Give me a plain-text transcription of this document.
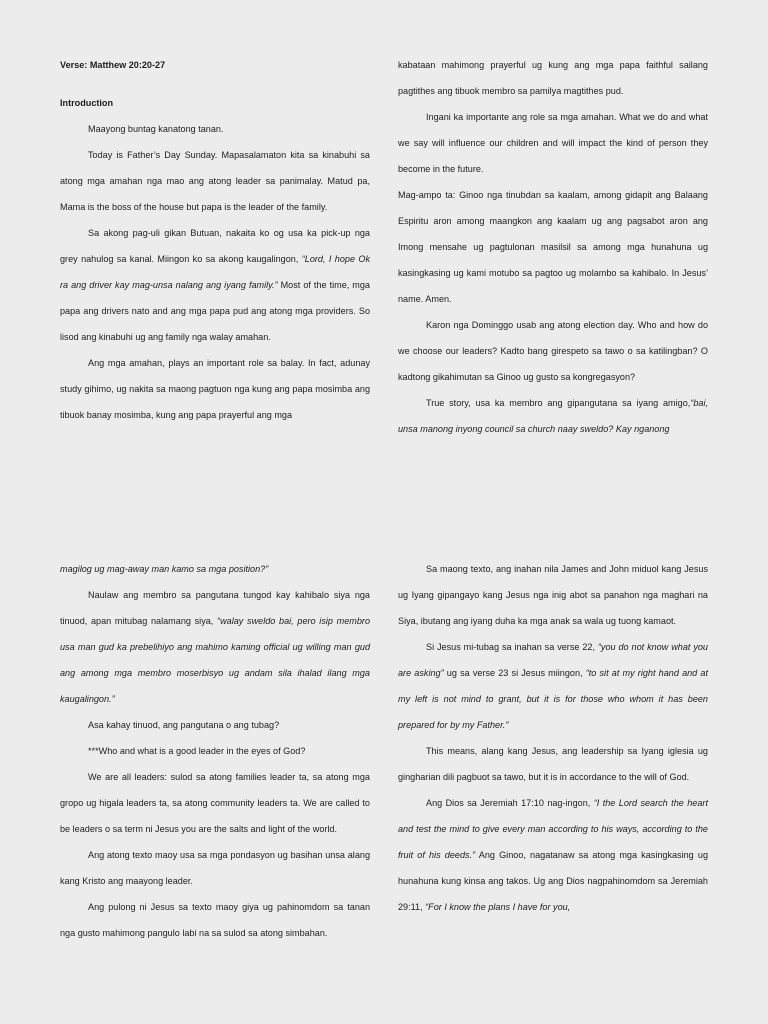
Verse: Matthew 20:20-27

Introduction

Maayong buntag kanatong tanan.

Today is Father’s Day Sunday. Mapasalamaton kita sa kinabuhi sa atong mga amahan nga mao ang atong leader sa panimalay. Matud pa, Mama is the boss of the house but papa is the leader of the family.

Sa akong pag-uli gikan Butuan, nakaita ko og usa ka pick-up nga grey nahulog sa kanal. Miingon ko sa akong kaugalingon, “Lord, I hope Ok ra ang driver kay mag-unsa nalang ang iyang family.” Most of the time, mga papa ang drivers nato and ang mga papa pud ang atong mga providers. So lisod ang kinabuhi ug ang family nga walay amahan.

Ang mga amahan, plays an important role sa balay. In fact, adunay study gihimo, ug nakita sa maong pagtuon nga kung ang papa mosimba ang tibuok banay mosimba, kung ang papa prayerful ang mga

kabataan mahimong prayerful ug kung ang mga papa faithful sailang pagtithes ang tibuok membro sa pamilya magtithes pud.

Ingani ka importante ang role sa mga amahan. What we do and what we say will influence our children and will impact the kind of person they become in the future.

Mag-ampo ta: Ginoo nga tinubdan sa kaalam, among gidapit ang Balaang Espiritu aron among maangkon ang kaalam ug ang pagsabot aron ang Imong mensahe ug pagtulonan masilsil sa among mga hunahuna ug kasingkasing ug kami motubo sa pagtoo ug molambo sa kahibalo. In Jesus’ name. Amen.

Karon nga Dominggo usab ang atong election day. Who and how do we choose our leaders? Kadto bang girespeto sa tawo o sa katilingban? O kadtong gikahimutan sa Ginoo ug gusto sa kongregasyon?

True story, usa ka membro ang gipangutana sa iyang amigo,“bai, unsa manong inyong council sa church naay sweldo? Kay nganong

magilog ug mag-away man kamo sa mga position?”

Naulaw ang membro sa pangutana tungod kay kahibalo siya nga tinuod, apan mitubag nalamang siya, “walay sweldo bai, pero isip membro usa man gud ka prebelihiyo ang mahimo kaming official ug willing man gud ang among mga membro moserbisyo ug andam sila ihalad ilang mga kaugalingon.”

Asa kahay tinuod, ang pangutana o ang tubag?

***Who and what is a good leader in the eyes of God?

We are all leaders: sulod sa atong families leader ta, sa atong mga gropo ug higala leaders ta, sa atong community leaders ta. We are called to be leaders o sa term ni Jesus you are the salts and light of the world.

Ang atong texto maoy usa sa mga pondasyon ug basihan unsa alang kang Kristo ang maayong leader.

Ang pulong ni Jesus sa texto maoy giya ug pahinomdom sa tanan nga gusto mahimong pangulo labi na sa sulod sa atong simbahan.

Sa maong texto, ang inahan nila James and John miduol kang Jesus ug Iyang gipangayo kang Jesus nga inig abot sa panahon nga maghari na Siya, ibutang ang iyang duha ka mga anak sa wala ug tuong kamaot.

Si Jesus mi-tubag sa inahan sa verse 22, “you do not know what you are asking” ug sa verse 23 si Jesus miingon, “to sit at my right hand and at my left is not mind to grant, but it is for those who whom it has been prepared for by my Father.”

This means, alang kang Jesus, ang leadership sa Iyang iglesia ug gingharian dili pagbuot sa tawo, but it is in accordance to the will of God.

Ang Dios sa Jeremiah 17:10 nag-ingon, “I the Lord search the heart and test the mind to give every man according to his ways, according to the fruit of his deeds.” Ang Ginoo, nagatanaw sa atong mga kasingkasing ug hunahuna kung kinsa ang takos. Ug ang Dios nagpahinomdom sa Jeremiah 29:11, “For I know the plans I have for you,
